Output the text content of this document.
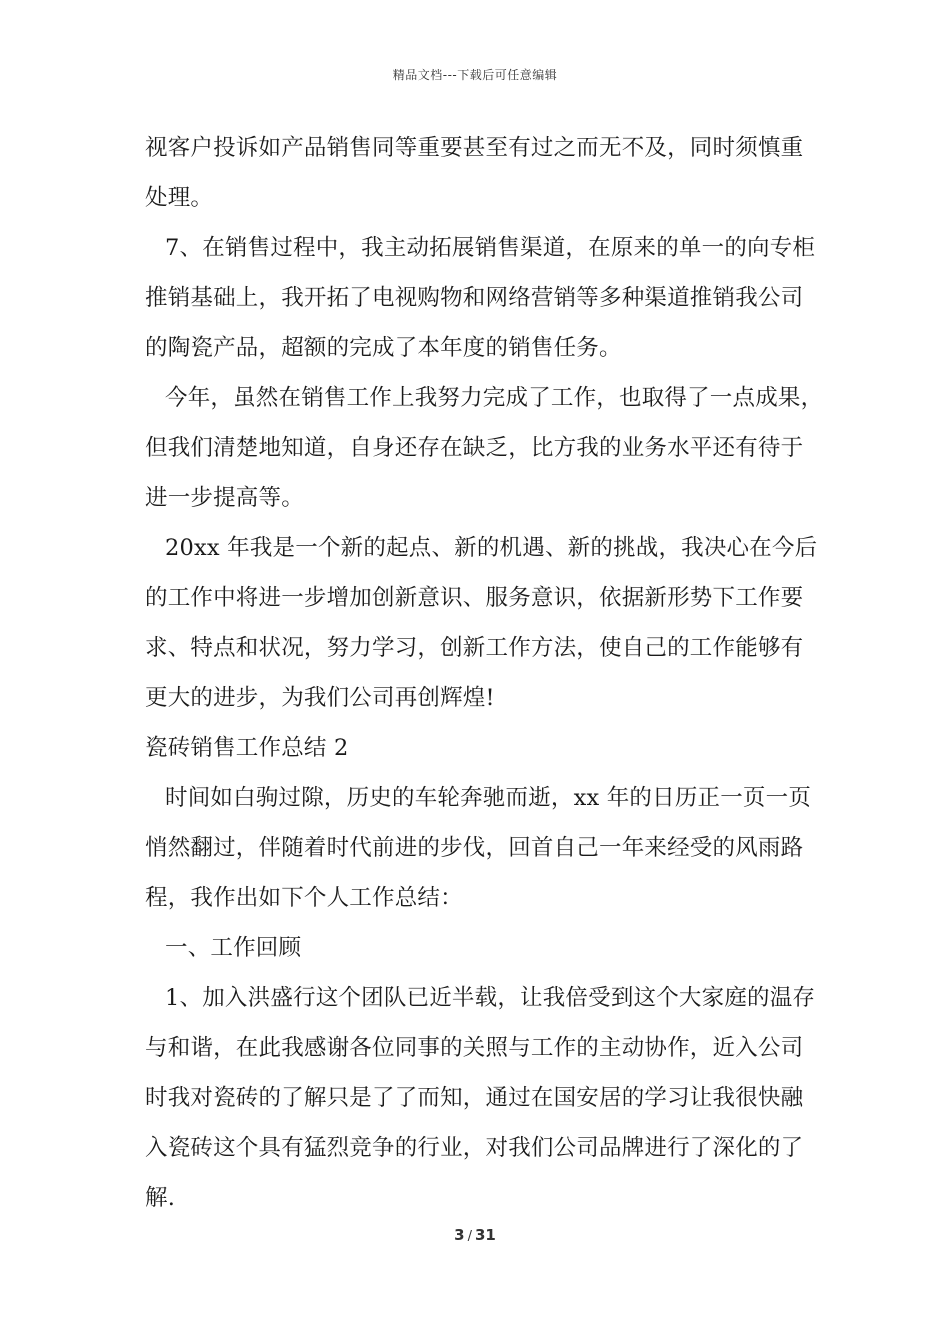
精品文档---下载后可任意编辑
视客户投诉如产品销售同等重要甚至有过之而无不及，同时须慎重
处理。
7、在销售过程中，我主动拓展销售渠道，在原来的单一的向专柜
推销基础上，我开拓了电视购物和网络营销等多种渠道推销我公司
的陶瓷产品，超额的完成了本年度的销售任务。
今年，虽然在销售工作上我努力完成了工作，也取得了一点成果，
但我们清楚地知道，自身还存在缺乏，比方我的业务水平还有待于
进一步提高等。
20xx 年我是一个新的起点、新的机遇、新的挑战，我决心在今后
的工作中将进一步增加创新意识、服务意识，依据新形势下工作要
求、特点和状况，努力学习，创新工作方法，使自己的工作能够有
更大的进步，为我们公司再创辉煌!
瓷砖销售工作总结 2
时间如白驹过隙，历史的车轮奔驰而逝，xx 年的日历正一页一页
悄然翻过，伴随着时代前进的步伐，回首自己一年来经受的风雨路
程，我作出如下个人工作总结：
一、工作回顾
1、加入洪盛行这个团队已近半载，让我倍受到这个大家庭的温存
与和谐，在此我感谢各位同事的关照与工作的主动协作，近入公司
时我对瓷砖的了解只是了了而知，通过在国安居的学习让我很快融
入瓷砖这个具有猛烈竞争的行业，对我们公司品牌进行了深化的了
解.
3 / 31
